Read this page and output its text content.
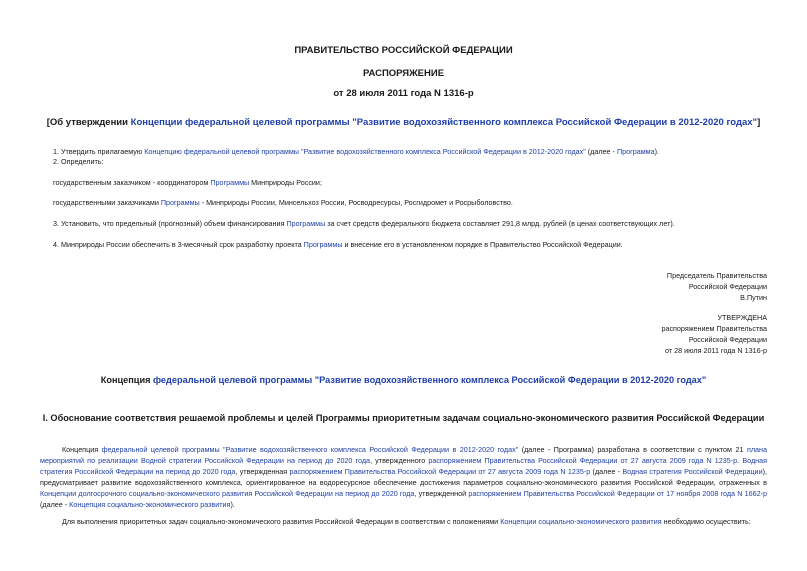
ПРАВИТЕЛЬСТВО РОССИЙСКОЙ ФЕДЕРАЦИИ
РАСПОРЯЖЕНИЕ
от 28 июля 2011 года N 1316-р
[Об утверждении Концепции федеральной целевой программы "Развитие водохозяйственного комплекса Российской Федерации в 2012-2020 годах"]
1. Утвердить прилагаемую Концепцию федеральной целевой программы "Развитие водохозяйственного комплекса Российской Федерации в 2012-2020 годах" (далее - Программа).
2. Определить:
государственным заказчиком - координатором Программы Минприроды России;
государственными заказчиками Программы - Минприроды России, Минсельхоз России, Росводресурсы, Росгидромет и Росрыболовство.
3. Установить, что предельный (прогнозный) объем финансирования Программы за счет средств федерального бюджета составляет 291,8 млрд. рублей (в ценах соответствующих лет).
4. Минприроды России обеспечить в 3-месячный срок разработку проекта Программы и внесение его в установленном порядке в Правительство Российской Федерации.
Председатель Правительства
Российской Федерации
В.Путин
УТВЕРЖДЕНА
распоряжением Правительства
Российской Федерации
от 28 июля 2011 года N 1316-р
Концепция федеральной целевой программы "Развитие водохозяйственного комплекса Российской Федерации в 2012-2020 годах"
I. Обоснование соответствия решаемой проблемы и целей Программы приоритетным задачам социально-экономического развития Российской Федерации
Концепция федеральной целевой программы "Развитие водохозяйственного комплекса Российской Федерации в 2012-2020 годах" (далее - Программа) разработана в соответствии с пунктом 21 плана мероприятий по реализации Водной стратегии Российской Федерации на период до 2020 года, утвержденного распоряжением Правительства Российской Федерации от 27 августа 2009 года N 1235-р. Водная стратегия Российской Федерации на период до 2020 года, утвержденная распоряжением Правительства Российской Федерации от 27 августа 2009 года N 1235-р (далее - Водная стратегия Российской Федерации), предусматривает развитие водохозяйственного комплекса, ориентированное на водоресурсное обеспечение достижения параметров социально-экономического развития Российской Федерации, отраженных в Концепции долгосрочного социально-экономического развития Российской Федерации на период до 2020 года, утвержденной распоряжением Правительства Российской Федерации от 17 ноября 2008 года N 1662-р (далее - Концепция социально-экономического развития).
Для выполнения приоритетных задач социально-экономического развития Российской Федерации в соответствии с положениями Концепции социально-экономического развития необходимо осуществить:
